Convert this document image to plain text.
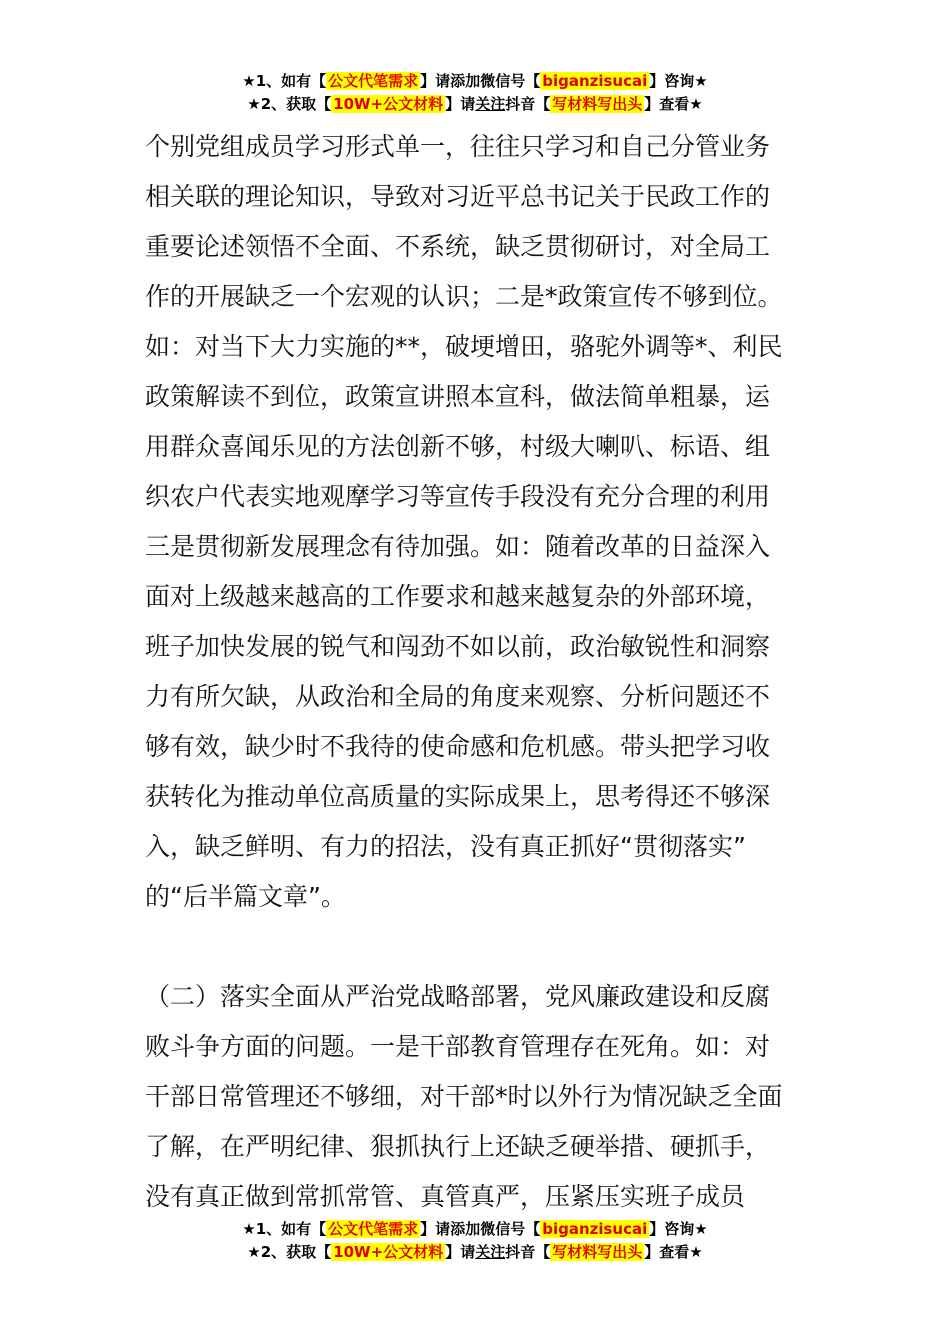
★1、如有【 公文代笔需求 】请添加微信号【 biganzisucai 】咨询★
★2、获取【 10W+公文材料 】请关注抖音【 写材料写出头 】查看★
个别党组成员学习形式单一，往往只学习和自己分管业务
相关联的理论知识，导致对习近平总书记关于民政工作的
重要论述领悟不全面、不系统，缺乏贯彻研讨，对全局工
作的开展缺乏一个宏观的认识；二是*政策宣传不够到位。
如：对当下大力实施的**，破埂增田，骆驼外调等*、利民
政策解读不到位，政策宣讲照本宣科，做法简单粗暴，运
用群众喜闻乐见的方法创新不够，村级大喇叭、标语、组
织农户代表实地观摩学习等宣传手段没有充分合理的利用
三是贯彻新发展理念有待加强。如：随着改革的日益深入
面对上级越来越高的工作要求和越来越复杂的外部环境，
班子加快发展的锐气和闯劲不如以前，政治敏锐性和洞察
力有所欠缺，从政治和全局的角度来观察、分析问题还不
够有效，缺少时不我待的使命感和危机感。带头把学习收
获转化为推动单位高质量的实际成果上，思考得还不够深
入，缺乏鲜明、有力的招法，没有真正抓好“贯彻落实”
的“后半篇文章”。
（二）落实全面从严治党战略部署，党风廉政建设和反腐
败斗争方面的问题。一是干部教育管理存在死角。如：对
干部日常管理还不够细，对干部*时以外行为情况缺乏全面
了解，在严明纪律、狠抓执行上还缺乏硬举措、硬抓手，
没有真正做到常抓常管、真管真严，压紧压实班子成员
★1、如有【 公文代笔需求 】请添加微信号【 biganzisucai 】咨询★
★2、获取【 10W+公文材料 】请关注抖音【 写材料写出头 】查看★
